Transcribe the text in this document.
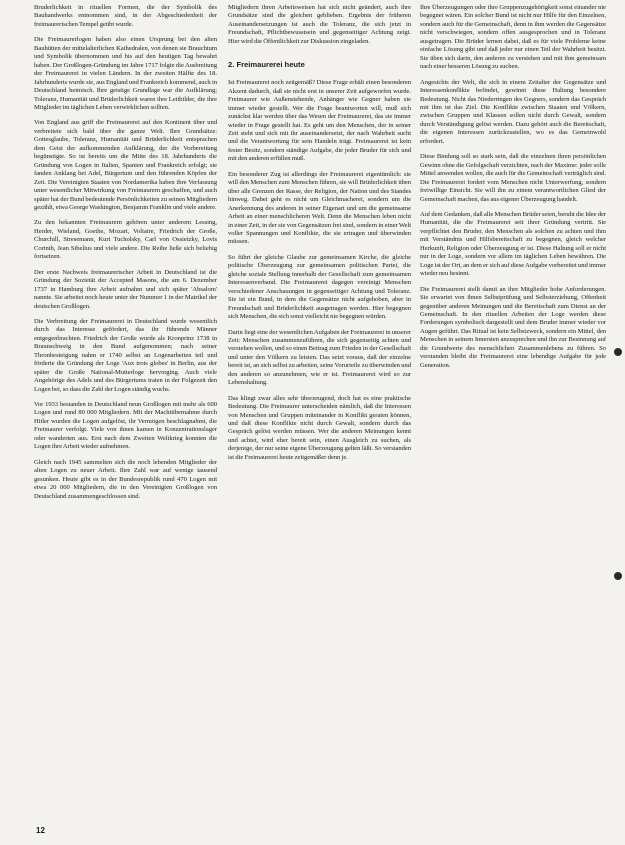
Bruderlichkeit in rituellen Formen, die der Symbolik des Bauhandwerks entnommen sind, in der Abgeschiedenheit der freimaurerischen Tempel geübt wurde.

Die Freimaurerlogen haben also einen Ursprung bei den alten Bauhütten der mittelalterlichen Kathedralen, von denen sie Brauchtum und Symbolik übernommen und bis auf den heutigen Tag bewahrt haben. Der Großlogen-Gründung im Jahre 1717 folgte die Ausbreitung der Freimaurerei in vielen Ländern. In der zweiten Hälfte des 18. Jahrhunderts wurde sie, aus England und Frankreich kommend, auch in Deutschland heimisch. Ihre geistige Grundlage war die Aufklärung; Toleranz, Humanität und Brüderlichkeit waren ihre Leitbilder, die ihre Mitglieder im täglichen Leben verwirklichen sollten.

Von England aus griff die Freimaurerei auf den Kontinent über und verbreitete sich bald über die ganze Welt. Ihre Grundsätze: Gottesglaube, Toleranz, Humanität und Brüderlichkeit entsprachen dem Geist der aufkommenden Aufklärung, der die Vorbereitung begünstigte. So ist bereits um die Mitte des 18. Jahrhunderts die Gründung von Logen in Italien, Spanien und Frankreich erfolgt; sie fanden Anklang bei Adel, Bürgertum und den führenden Köpfen der Zeit. Die Vereinigten Staaten von Nordamerika haben ihre Verfassung unter wesentlicher Mitwirkung von Freimaurern geschaffen, und auch später hat der Bund bedeutende Persönlichkeiten zu seinen Mitgliedern gezählt, etwa George Washington, Benjamin Franklin und viele andere.

Zu den bekannten Freimaurern gehören unter anderem Lessing, Herder, Wieland, Goethe, Mozart, Voltaire, Friedrich der Große, Churchill, Stresemann, Kurt Tucholsky, Carl von Ossietzky, Lovis Corinth, Jean Sibelius und viele andere. Die Reihe ließe sich beliebig fortsetzen.

Der erste Nachweis freimaurerischer Arbeit in Deutschland ist die Gründung der Sozietät der Accepted Masons, die am 6. Dezember 1737 in Hamburg ihre Arbeit aufnahm und sich später 'Absalom' nannte. Sie arbeitet noch heute unter der Nummer 1 in der Matrikel der deutschen Großlogen.

Die Verbreitung der Freimaurerei in Deutschland wurde wesentlich durch das Interesse gefördert, das ihr führende Männer entgegenbrachten. Friedrich der Große wurde als Kronprinz 1738 in Braunschweig in den Bund aufgenommen; nach seiner Thronbesteigung nahm er 1740 selbst an Logenarbeiten teil und förderte die Gründung der Loge 'Aux trois globes' in Berlin, aus der später die Große National-Mutterloge hervorging. Auch viele Angehörige des Adels und des Bürgertums traten in der Folgezeit den Logen bei, so dass die Zahl der Logen ständig wuchs.

Vor 1933 bestanden in Deutschland neun Großlogen mit mehr als 600 Logen und rund 80 000 Mitgliedern. Mit der Machtübernahme durch Hitler wurden die Logen aufgelöst, ihr Vermögen beschlagnahmt, die Freimaurer verfolgt. Viele von ihnen kamen in Konzentrationslager oder wanderten aus. Erst nach dem Zweiten Weltkrieg konnten die Logen ihre Arbeit wieder aufnehmen.

Gleich nach 1945 sammelten sich die noch lebenden Mitglieder der alten Logen zu neuer Arbeit. Ihre Zahl war auf wenige tausend gesunken. Heute gibt es in der Bundesrepublik rund 470 Logen mit etwa 20 000 Mitgliedern, die in den Vereinigten Großlogen von Deutschland zusammengeschlossen sind.

Mitgliedern ihren Arbeitsweisen hat sich nicht geändert, auch ihre Grundsätze sind die gleichen geblieben. Ergebnis der früheren Auseinandersetzungen ist auch die Toleranz, die sich jetzt in Freundschaft, Pflichtbewusstsein und gegenseitiger Achtung zeigt. Hier wird die Öffentlichkeit zur Diskussion eingeladen.

2. Freimaurerei heute

Ist Freimaurerei noch zeitgemäß? Diese Frage erhält einen besonderen Akzent dadurch, daß sie nicht erst in unserer Zeit aufgeworfen wurde. Freimaurer wie Außenstehende, Anhänger wie Gegner haben sie immer wieder gestellt. Wer die Frage beantworten will, muß sich zunächst klar werden über das Wesen der Freimaurerei, das sie immer wieder in Frage gestellt hat. Es geht um den Menschen, der in seiner Zeit steht und sich mit ihr auseinandersetzt, der nach Wahrheit sucht und die Verantwortung für sein Handeln trägt. Freimaurerei ist kein fester Besitz, sondern ständige Aufgabe, die jeder Bruder für sich und mit den anderen erfüllen muß.

Ein besonderer Zug ist allerdings der Freimaurerei eigentümlich: sie will den Menschen zum Menschen führen, sie will Brüderlichkeit üben über alle Grenzen der Rasse, der Religion, der Nation und des Standes hinweg. Dabei geht es nicht um Gleichmacherei, sondern um die Anerkennung des anderen in seiner Eigenart und um die gemeinsame Arbeit an einer menschlicheren Welt. Denn die Menschen leben nicht in einer Zeit, in der sie von Gegensätzen frei sind, sondern in einer Welt voller Spannungen und Konflikte, die sie ertragen und überwinden müssen.

So führt der gleiche Glaube zur gemeinsamen Kirche, die gleiche politische Überzeugung zur gemeinsamen politischen Partei, die gleiche soziale Stellung innerhalb der Gesellschaft zum gemeinsamen Interessenverband. Die Freimaurerei dagegen vereinigt Menschen verschiedener Anschauungen in gegenseitiger Achtung und Toleranz. Sie ist ein Bund, in dem die Gegensätze nicht aufgehoben, aber in Freundschaft und Brüderlichkeit ausgetragen werden. Hier begegnen sich Menschen, die sich sonst vielleicht nie begegnen würden.

Darin liegt eine der wesentlichen Aufgaben der Freimaurerei in unserer Zeit: Menschen zusammenzuführen, die sich gegenseitig achten und verstehen wollen, und so einen Beitrag zum Frieden in der Gesellschaft und unter den Völkern zu leisten. Das setzt voraus, daß der einzelne bereit ist, an sich selbst zu arbeiten, seine Vorurteile zu überwinden und den anderen so anzunehmen, wie er ist. Freimaurerei wird so zur Lebenshaltung.

Das klingt zwar alles sehr überzeugend, doch hat es eine praktische Bedeutung. Die Freimaurer unterscheiden nämlich, daß die Interessen von Menschen und Gruppen miteinander in Konflikt geraten können, und daß diese Konflikte nicht durch Gewalt, sondern durch das Gespräch gelöst werden müssen. Wer die anderen Meinungen kennt und achtet, wird eher bereit sein, einen Ausgleich zu suchen, als derjenige, der nur seine eigene Überzeugung gelten läßt. So verstanden ist die Freimaurerei heute zeitgemäßer denn je.

Ihre Überzeugungen oder ihre Gruppenzugehörigkeit sonst einander nie begegnet wären. Ein solcher Bund ist nicht nur Hilfe für den Einzelnen, sondern auch für die Gemeinschaft, denn in ihm werden die Gegensätze nicht verschwiegen, sondern offen ausgesprochen und in Toleranz ausgetragen. Die Brüder lernen dabei, daß es für viele Probleme keine einfache Lösung gibt und daß jeder nur einen Teil der Wahrheit besitzt. Sie üben sich darin, den anderen zu verstehen und mit ihm gemeinsam nach einer besseren Lösung zu suchen.

Angesichts der Welt, die sich in einem Zeitalter der Gegensätze und Interessenkonflikte befindet, gewinnt diese Haltung besondere Bedeutung. Nicht das Niederringen des Gegners, sondern das Gespräch mit ihm ist das Ziel. Die Konflikte zwischen Staaten und Völkern, zwischen Gruppen und Klassen sollen nicht durch Gewalt, sondern durch Verständigung gelöst werden. Dazu gehört auch die Bereitschaft, die eigenen Interessen zurückzustellen, wo es das Gemeinwohl erfordert.

Diese Bindung soll so stark sein, daß die einzelnen ihren persönlichen Gewinn ohne die Gefolgschaft verzichten, nach der Maxime: jeder solle Mittel anwenden wollen, die auch für die Gemeinschaft verträglich sind. Die Freimaurerei fordert vom Menschen nicht Unterwerfung, sondern freiwillige Einsicht. Sie will ihn zu einem verantwortlichen Glied der Gemeinschaft machen, das aus eigener Überzeugung handelt.

Auf dem Gedanken, daß alle Menschen Brüder seien, beruht die Idee der Humanität, die die Freimaurerei seit ihrer Gründung vertritt. Sie verpflichtet den Bruder, den Menschen als solchen zu achten und ihm mit Verständnis und Hilfsbereitschaft zu begegnen, gleich welcher Herkunft, Religion oder Überzeugung er ist. Diese Haltung soll er nicht nur in der Loge, sondern vor allem im täglichen Leben bewähren. Die Loge ist der Ort, an dem er sich auf diese Aufgabe vorbereitet und immer wieder neu besinnt.

Die Freimaurerei stellt damit an ihre Mitglieder hohe Anforderungen. Sie erwartet von ihnen Selbstprüfung und Selbsterziehung, Offenheit gegenüber anderen Meinungen und die Bereitschaft zum Dienst an der Gemeinschaft. In den rituellen Arbeiten der Loge werden diese Forderungen symbolisch dargestellt und dem Bruder immer wieder vor Augen geführt. Das Ritual ist kein Selbstzweck, sondern ein Mittel, den Menschen in seinem Innersten anzusprechen und ihn zur Besinnung auf die Grundwerte des menschlichen Zusammenlebens zu führen. So verstanden bleibt die Freimaurerei eine lebendige Aufgabe für jede Generation.

12
